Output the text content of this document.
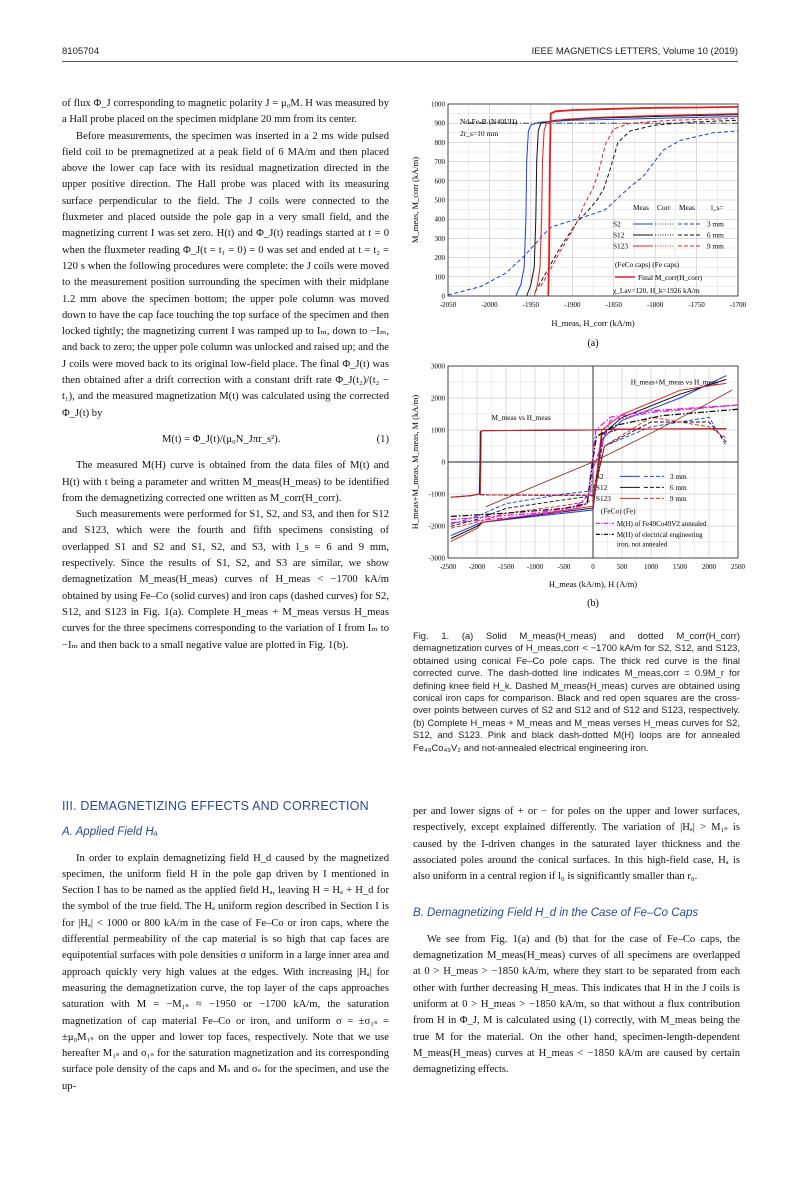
8105704	IEEE MAGNETICS LETTERS, Volume 10 (2019)

of flux Φ_J corresponding to magnetic polarity J = μ₀M. H was measured by a Hall probe placed on the specimen midplane 20 mm from its center.

Before measurements, the specimen was inserted in a 2 ms wide pulsed field coil to be premagnetized at a peak field of 6 MA/m and then placed above the lower cap face with its residual magnetization directed in the upper positive direction. The Hall probe was placed with its measuring surface perpendicular to the field. The J coils were connected to the fluxmeter and placed outside the pole gap in a very small field, and the magnetizing current I was set zero. H(t) and Φ_J(t) readings started at t = 0 when the fluxmeter reading Φ_J(t = t₁ = 0) = 0 was set and ended at t = t₂ = 120 s when the following procedures were complete: the J coils were moved to the measurement position surrounding the specimen with their midplane 1.2 mm above the specimen bottom; the upper pole column was moved down to have the cap face touching the top surface of the specimen and then locked tightly; the magnetizing current I was ramped up to Iₘ, down to −Iₘ, and back to zero; the upper pole column was unlocked and raised up; and the J coils were moved back to its original low-field place. The final Φ_J(t) was then obtained after a drift correction with a constant drift rate Φ_J(t₂)/(t₂ − t₁), and the measured magnetization M(t) was calculated using the corrected Φ_J(t) by

M(t) = Φ_J(t)/(μ₀N_Jπr_s²).	(1)

The measured M(H) curve is obtained from the data files of M(t) and H(t) with t being a parameter and written M_meas(H_meas) to be identified from the demagnetizing corrected one written as M_corr(H_corr).

Such measurements were performed for S1, S2, and S3, and then for S12 and S123, which were the fourth and fifth specimens consisting of overlapped S1 and S2 and S1, S2, and S3, with l_s = 6 and 9 mm, respectively. Since the results of S1, S2, and S3 are similar, we show demagnetization M_meas(H_meas) curves of H_meas < −1700 kA/m obtained by using Fe–Co (solid curves) and iron caps (dashed curves) for S2, S12, and S123 in Fig. 1(a). Complete H_meas + M_meas versus H_meas curves for the three specimens corresponding to the variation of I from Iₘ to −Iₘ and then back to a small negative value are plotted in Fig. 1(b).

III. DEMAGNETIZING EFFECTS AND CORRECTION
A. Applied Field Hₐ

In order to explain demagnetizing field H_d caused by the magnetized specimen, the uniform field H in the pole gap driven by I mentioned in Section I has to be named as the applied field Hₐ, leaving H = Hₐ + H_d for the symbol of the true field. The Hₐ uniform region described in Section I is for |Hₐ| < 1000 or 800 kA/m in the case of Fe–Co or iron caps, where the differential permeability of the cap material is so high that cap faces are equipotential surfaces with pole densities σ uniform in a large inner area and approach quickly very high values at the edges. With increasing |Hₐ| for measuring the demagnetization curve, the top layer of the caps approaches saturation with M = −M₁ₛ ≈ −1950 or −1700 kA/m, the saturation magnetization of cap material Fe–Co or iron, and uniform σ = ±σ₁ₛ = ±μ₀M₁ₛ on the upper and lower top faces, respectively. Note that we use hereafter M₁ₛ and σ₁ₛ for the saturation magnetization and its corresponding surface pole density of the caps and Mₛ and σₛ for the specimen, and use the up-

per and lower signs of + or − for poles on the upper and lower surfaces, respectively, except explained differently. The variation of |Hₐ| > M₁ₛ is caused by the I-driven changes in the saturated layer thickness and the associated poles around the conical surfaces. In this high-field case, Hₐ is also uniform in a central region if l₀ is significantly smaller than r₀.

B. Demagnetizing Field H_d in the Case of Fe–Co Caps

We see from Fig. 1(a) and (b) that for the case of Fe–Co caps, the demagnetization M_meas(H_meas) curves of all specimens are overlapped at 0 > H_meas > −1850 kA/m, where they start to be separated from each other with further decreasing H_meas. This indicates that H in the J coils is uniform at 0 > H_meas > −1850 kA/m, so that without a flux contribution from H in Φ_J, M is calculated using (1) correctly, with M_meas being the true M for the material. On the other hand, specimen-length-dependent M_meas(H_meas) curves at H_meas < −1850 kA/m are caused by certain demagnetizing effects.

-2050	-2000	-1950	-1900	-1850	-1800	-1750	-1700
0
100
200
300
400
500
600
700
800
900
1000
Nd-Fe-B (N40UH)
2r_s=10 mm
Meas Corr Meas l_s=
S2	3 mm
S12	6 mm
S123	9 mm
(FeCo caps) (Fe caps)
Final M_corr(H_corr)
χ_Lav=120, H_k=1926 kA/m
H_meas, H_corr (kA/m)
M_meas, M_corr (kA/m)
(a)
-2500 -2000 -1500 -1000 -500	0	500 1000 1500 2000 2500
-3000
-2000
-1000
0
1000
2000
3000
H_meas+M_meas vs H_meas
M_meas vs H_meas
S2	3 mm
S12	6 mm
S123	9 mm
(FeCo) (Fe)
M(H) of Fe49Co49V2 annealed
M(H) of electrical engineering
iron, not annealed
H_meas (kA/m), H (A/m)
H_meas+M_meas, M_meas, M (kA/m)
(b)
Fig. 1. (a) Solid M_meas(H_meas) and dotted M_corr(H_corr) demagnetization curves of H_meas,corr < −1700 kA/m for S2, S12, and S123, obtained using conical Fe–Co pole caps. The thick red curve is the final corrected curve. The dash-dotted line indicates M_meas,corr = 0.9M_r for defining knee field H_k. Dashed M_meas(H_meas) curves are obtained using conical iron caps for comparison. Black and red open squares are the cross-over points between curves of S2 and S12 and of S12 and S123, respectively. (b) Complete H_meas + M_meas and M_meas verses H_meas curves for S2, S12, and S123. Pink and black dash-dotted M(H) loops are for annealed Fe₄₉Co₄₉V₂ and not-annealed electrical engineering iron.
